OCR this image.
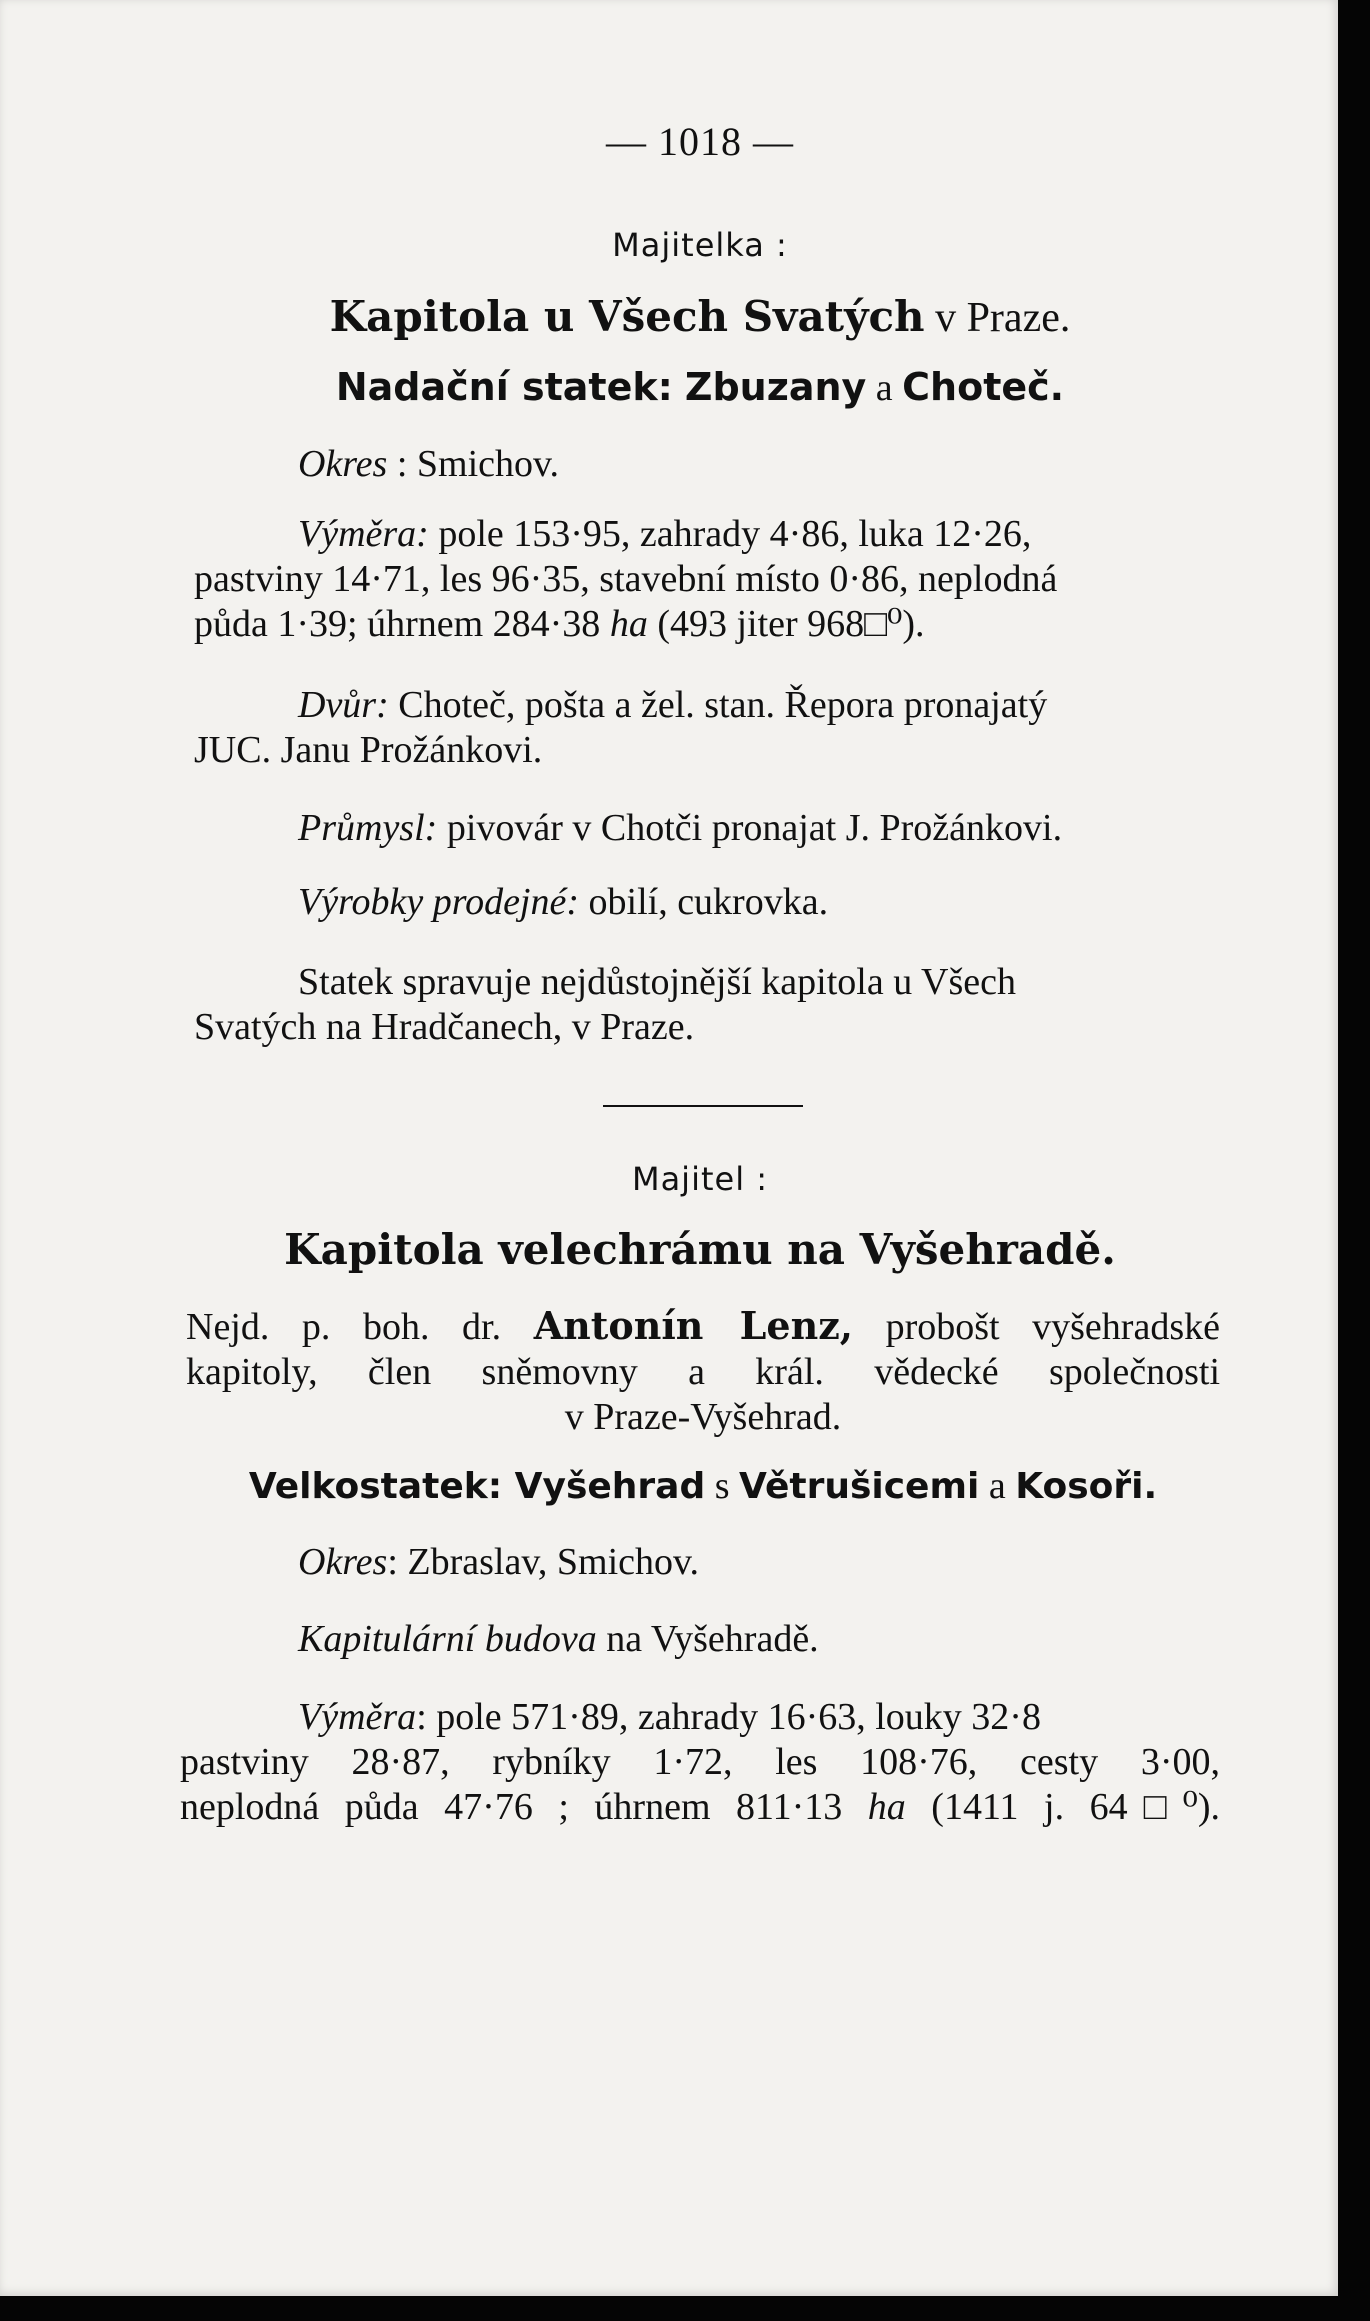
— 1018 —
Majitelka :
Kapitola u Všech Svatých v Praze.
Nadační statek: Zbuzany a Choteč.
Okres : Smichov.
Výměra: pole 153·95, zahrady 4·86, luka 12·26,
pastviny 14·71, les 96·35, stavební místo 0·86, neplodná
půda 1·39; úhrnem 284·38 ha (493 jiter 968□⁰).
Dvůr: Choteč, pošta a žel. stan. Řepora pronajatý
JUC. Janu Prožánkovi.
Průmysl: pivovár v Chotči pronajat J. Prožánkovi.
Výrobky prodejné: obilí, cukrovka.
Statek spravuje nejdůstojnější kapitola u Všech
Svatých na Hradčanech, v Praze.
Majitel :
Kapitola velechrámu na Vyšehradě.
Nejd. p. boh. dr. Antonín Lenz, probošt vyšehradské
kapitoly, člen sněmovny a král. vědecké společnosti
v Praze-Vyšehrad.
Velkostatek: Vyšehrad s Větrušicemi a Kosoři.
Okres: Zbraslav, Smichov.
Kapitulární budova na Vyšehradě.
Výměra: pole 571·89, zahrady 16·63, louky 32·8
pastviny 28·87, rybníky 1·72, les 108·76, cesty 3·00,
neplodná půda 47·76 ; úhrnem 811·13 ha (1411 j. 64□⁰).
